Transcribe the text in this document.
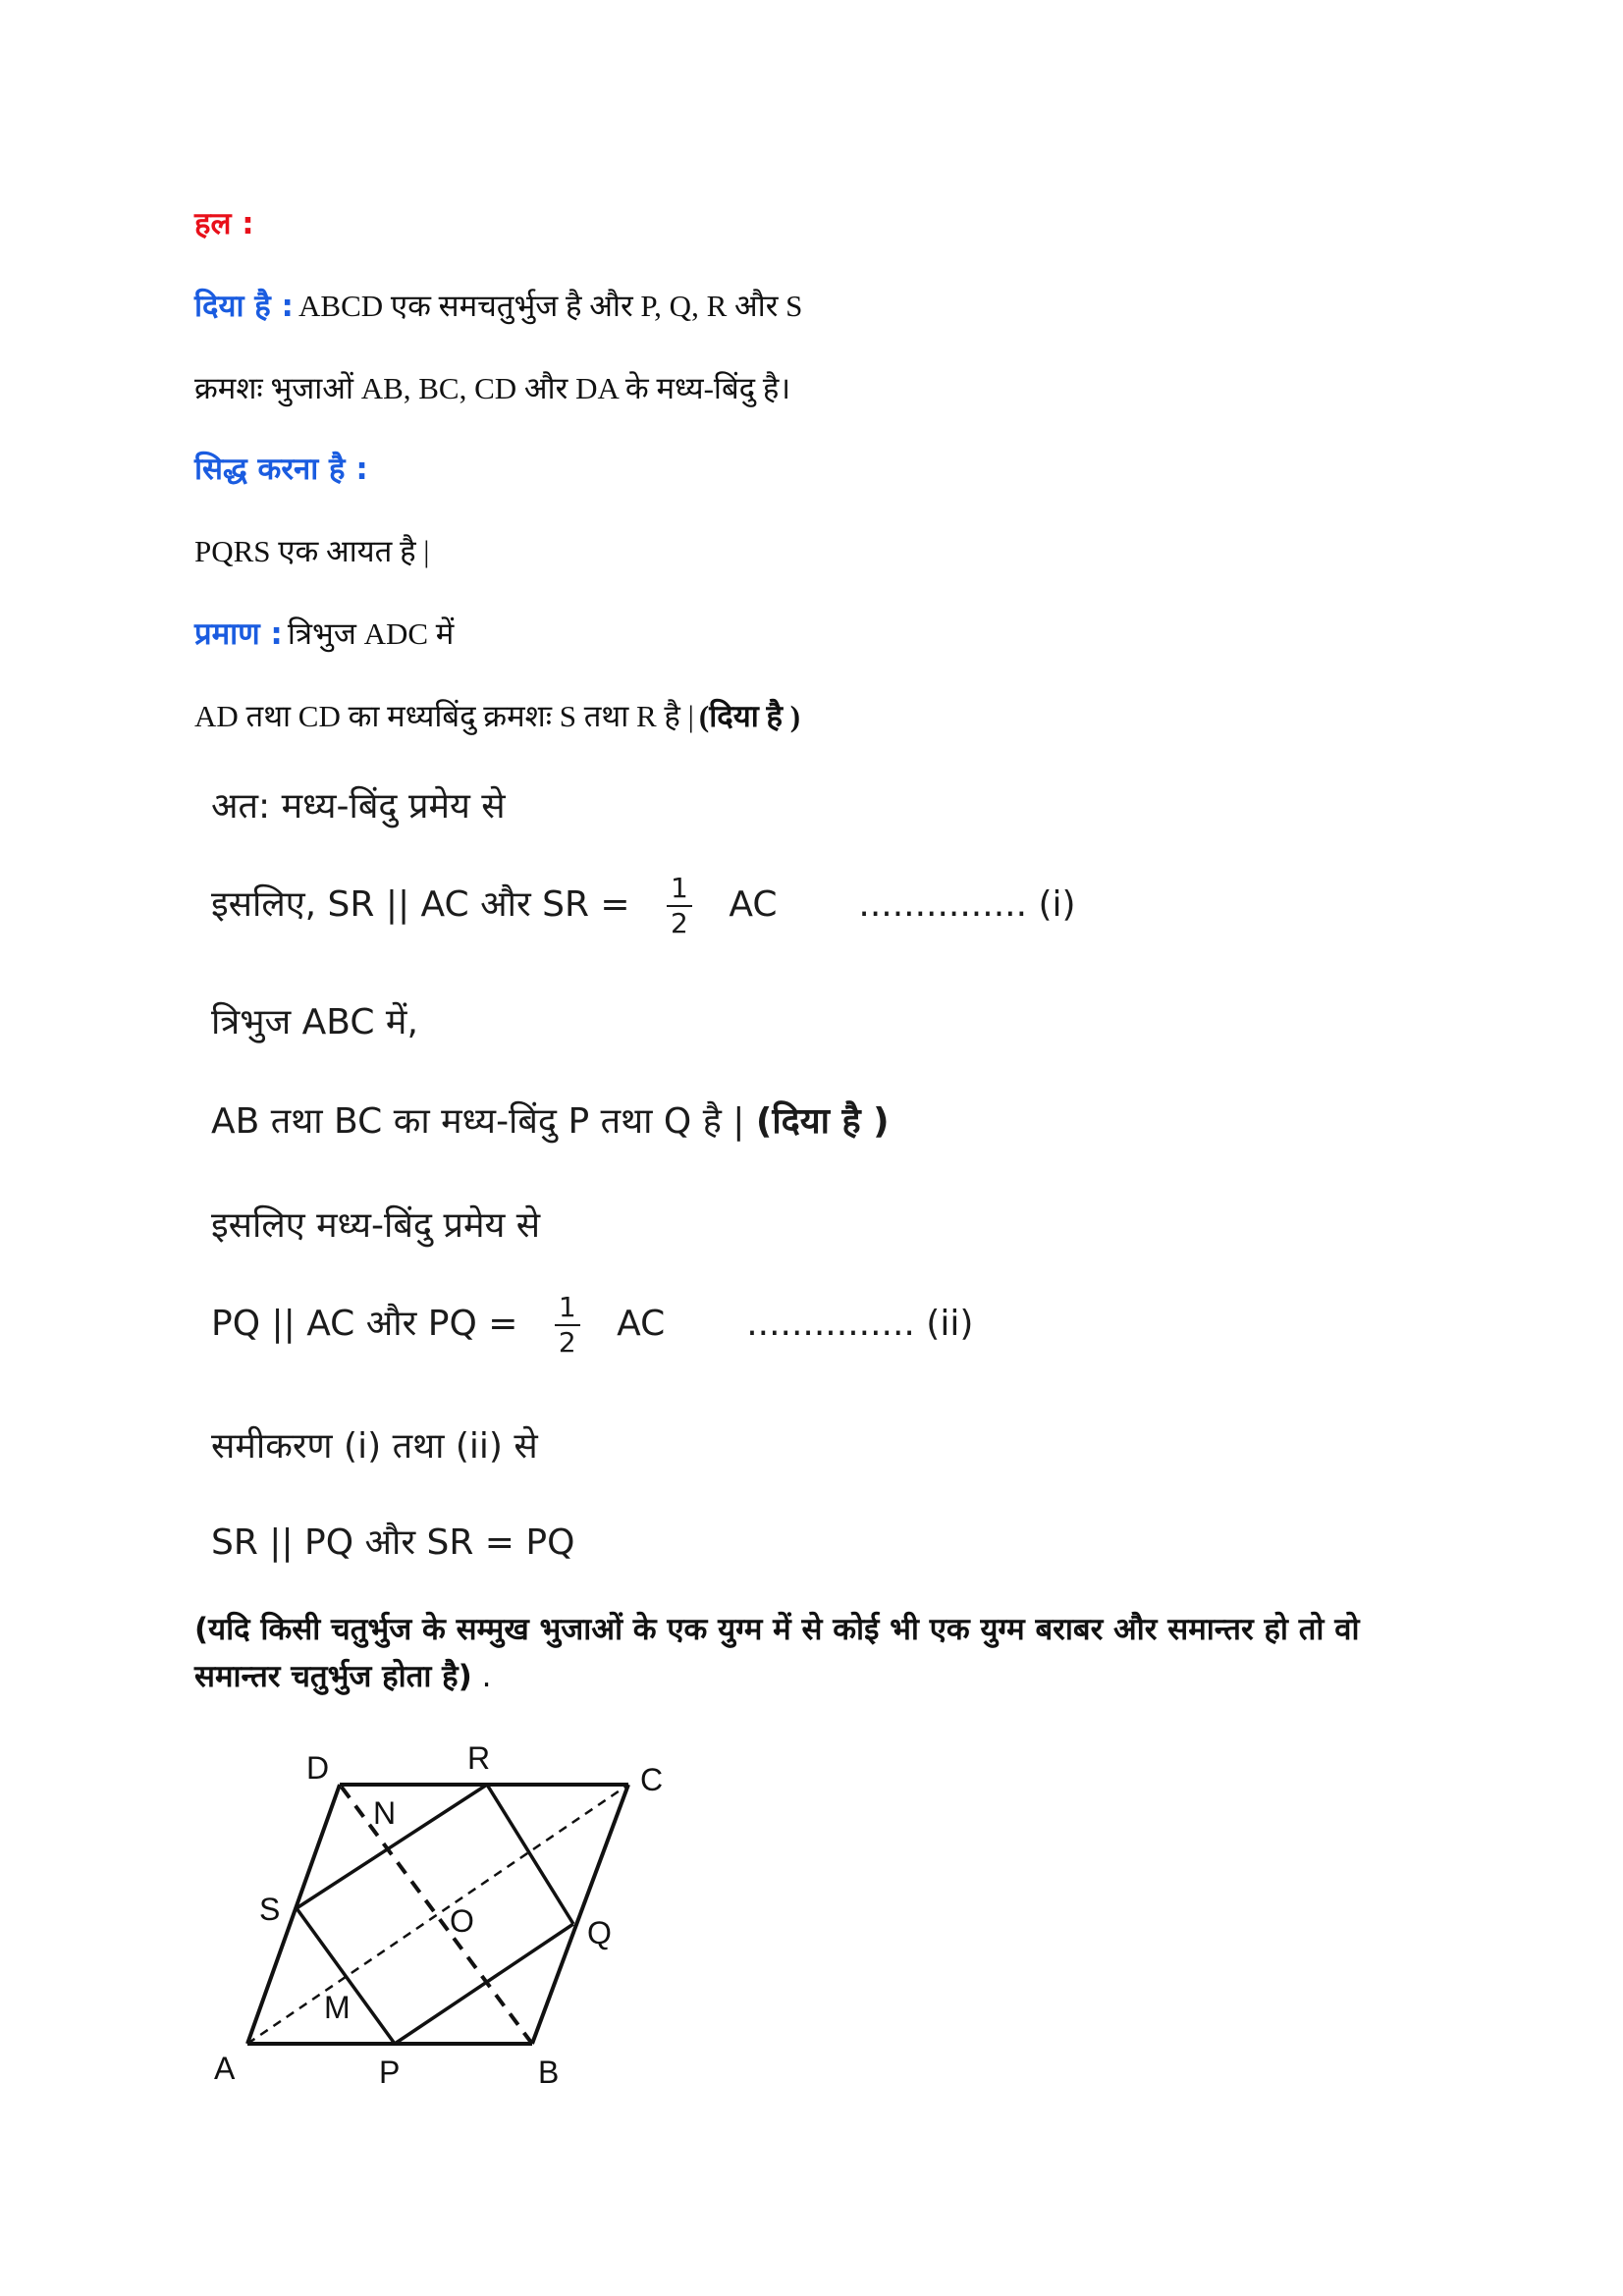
हल :
दिया है : ABCD एक समचतुर्भुज है और P, Q, R और S
क्रमशः भुजाओं AB, BC, CD और DA के मध्य-बिंदु है।
सिद्ध करना है :
PQRS एक आयत है |
प्रमाण : त्रिभुज ADC में
AD तथा CD का मध्यबिंदु क्रमशः S तथा R है | (दिया है )
अत: मध्य-बिंदु प्रमेय से
इसलिए, SR || AC और SR = $\frac{1}{2}$ AC ............... (i)
त्रिभुज ABC में,
AB तथा BC का मध्य-बिंदु P तथा Q है | (दिया है )
इसलिए मध्य-बिंदु प्रमेय से
PQ || AC और PQ = $\frac{1}{2}$ AC ............... (ii)
समीकरण (i) तथा (ii) से
SR || PQ और SR = PQ
(यदि किसी चतुर्भुज के सम्मुख भुजाओं के एक युग्म में से कोई भी एक युग्म बराबर और समान्तर हो तो वो समान्तर चतुर्भुज होता है) .
A	B
C
D
P
Q
R
S
M
N
O
